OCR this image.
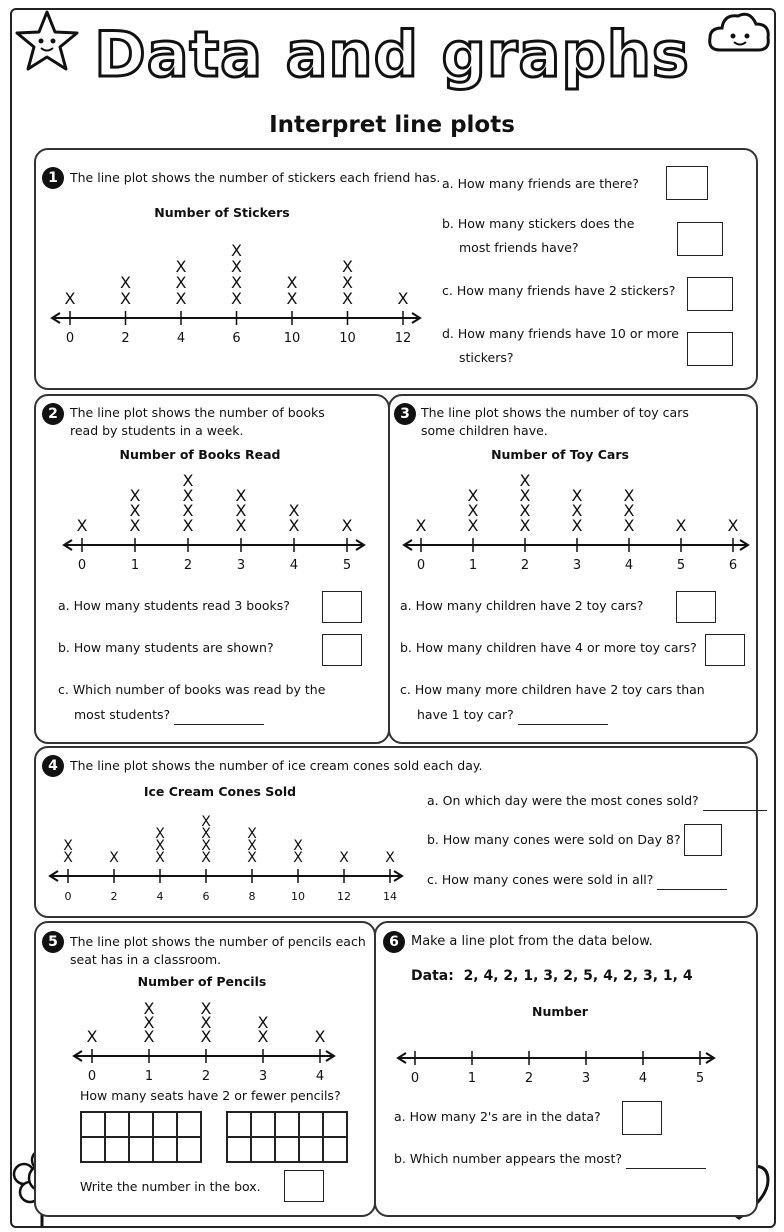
Data and graphs
Interpret line plots
1 The line plot shows the number of stickers each friend has.
Number of Stickers
0
X
2
X
X
4
X
X
X
6
X
X
X
X
10
X
X
10
X
X
X
12
X
a. How many friends are there?
b. How many stickers does the
most friends have?
c. How many friends have 2 stickers?
d. How many friends have 10 or more
stickers?
2 The line plot shows the number of books
read by students in a week.
Number of Books Read
0
X
1
X
X
X
2
X
X
X
X
3
X
X
X
4
X
X
5
X
a. How many students read 3 books?
b. How many students are shown?
c. Which number of books was read by the
most students?
3 The line plot shows the number of toy cars
some children have.
Number of Toy Cars
0
X
1
X
X
X
2
X
X
X
X
3
X
X
X
4
X
X
X
5
X
6
X
a. How many children have 2 toy cars?
b. How many children have 4 or more toy cars?
c. How many more children have 2 toy cars than
have 1 toy car?
4 The line plot shows the number of ice cream cones sold each day.
Ice Cream Cones Sold
0
X
X
2
X
4
X
X
X
6
X
X
X
X
8
X
X
X
10
X
X
12
X
14
X
a. On which day were the most cones sold?
b. How many cones were sold on Day 8?
c. How many cones were sold in all?
5 The line plot shows the number of pencils each
seat has in a classroom.
Number of Pencils
0
X
1
X
X
X
2
X
X
X
3
X
X
4
X
How many seats have 2 or fewer pencils?
Write the number in the box.
6 Make a line plot from the data below.
Data: 2, 4, 2, 1, 3, 2, 5, 4, 2, 3, 1, 4
Number
0	1	2	3	4	5
a. How many 2's are in the data?
b. Which number appears the most?
